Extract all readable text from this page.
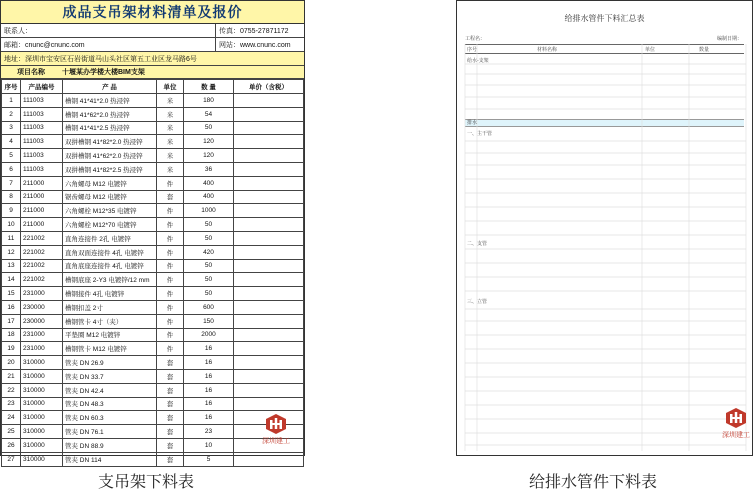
成品支吊架材料清单及报价
联系人：	传真：0755-27871172
邮箱：cnunc@cnunc.com	网站：www.cnunc.com
地址：深圳市宝安区石岩街道马山头社区第五工业区龙马路6号
项目名称	十堰某办学楼大楼BIM支架
序号	产品编号	产 品	单位	数 量	单价（含税）
1	111003	槽钢 41*41*2.0 热浸锌	米	180	
2	111003	槽钢 41*62*2.0 热浸锌	米	54	
3	111003	槽钢 41*41*2.5 热浸锌	米	50	
4	111003	双拼槽钢 41*82*2.0 热浸锌	米	120	
5	111003	双拼槽钢 41*62*2.0 热浸锌	米	120	
6	111003	双拼槽钢 41*82*2.5 热浸锌	米	36	
7	211000	六角螺母 M12 电镀锌	件	400	
8	211000	锯齿螺母 M12 电镀锌	套	400	
9	211000	六角螺栓 M12*35 电镀锌	件	1000	
10	211000	六角螺栓 M12*70 电镀锌	件	50	
11	221002	直角连接件 2孔 电镀锌	件	50	
12	221002	直角双面连接件 4孔 电镀锌	件	420	
13	221002	直角底座连接件 4孔 电镀锌	件	50	
14	221002	槽钢底座 2-Y3 电镀锌/12 mm	件	50	
15	231000	槽钢接件 4孔 电镀锌	件	50	
16	230000	槽钢扣盖 2寸	件	600	
17	230000	槽钢管卡 4寸（夹）	件	150	
18	231000	平垫圈 M12 电镀锌	件	2000	
19	231000	槽钢管卡 M12 电镀锌	件	16	
20	310000	管夹 DN 26.9	套	16	
21	310000	管夹 DN 33.7	套	16	
22	310000	管夹 DN 42.4	套	16	
23	310000	管夹 DN 48.3	套	16	
24	310000	管夹 DN 60.3	套	16	
25	310000	管夹 DN 76.1	套	23	
26	310000	管夹 DN 88.9	套	10	
27	310000	管夹 DN 114	套	5	
深圳建工
给排水管件下料汇总表
工程名：	编制日期：
序号	材料名称	单位	数量
给水-支架
排水
一、主干管
二、支管
三、立管
深圳建工
支吊架下料表	给排水管件下料表
